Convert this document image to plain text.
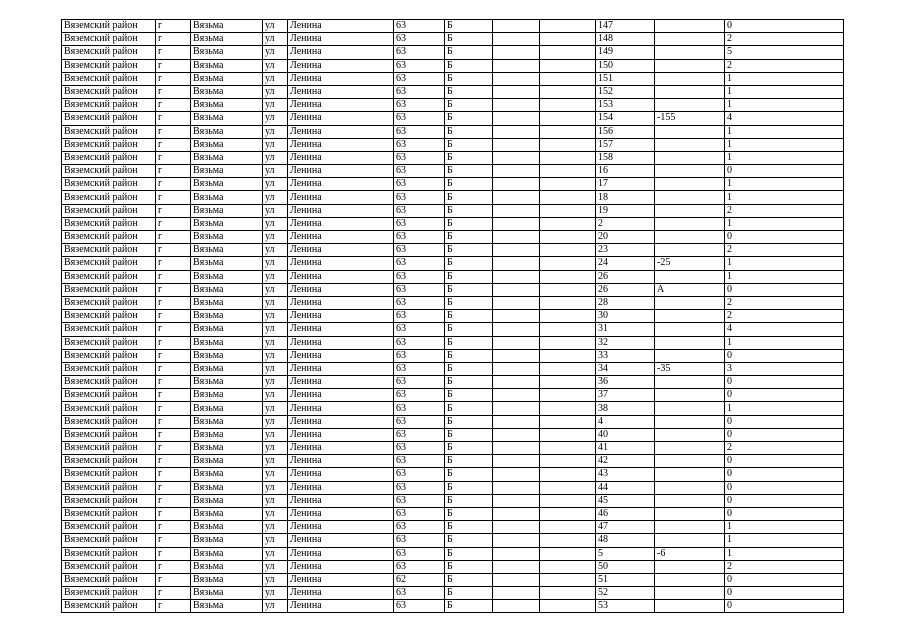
Вяземский район	г	Вязьма	ул	Ленина	63	Б			147		0
Вяземский район	г	Вязьма	ул	Ленина	63	Б			148		2
Вяземский район	г	Вязьма	ул	Ленина	63	Б			149		5
Вяземский район	г	Вязьма	ул	Ленина	63	Б			150		2
Вяземский район	г	Вязьма	ул	Ленина	63	Б			151		1
Вяземский район	г	Вязьма	ул	Ленина	63	Б			152		1
Вяземский район	г	Вязьма	ул	Ленина	63	Б			153		1
Вяземский район	г	Вязьма	ул	Ленина	63	Б			154	-155	4
Вяземский район	г	Вязьма	ул	Ленина	63	Б			156		1
Вяземский район	г	Вязьма	ул	Ленина	63	Б			157		1
Вяземский район	г	Вязьма	ул	Ленина	63	Б			158		1
Вяземский район	г	Вязьма	ул	Ленина	63	Б			16		0
Вяземский район	г	Вязьма	ул	Ленина	63	Б			17		1
Вяземский район	г	Вязьма	ул	Ленина	63	Б			18		1
Вяземский район	г	Вязьма	ул	Ленина	63	Б			19		2
Вяземский район	г	Вязьма	ул	Ленина	63	Б			2		1
Вяземский район	г	Вязьма	ул	Ленина	63	Б			20		0
Вяземский район	г	Вязьма	ул	Ленина	63	Б			23		2
Вяземский район	г	Вязьма	ул	Ленина	63	Б			24	-25	1
Вяземский район	г	Вязьма	ул	Ленина	63	Б			26		1
Вяземский район	г	Вязьма	ул	Ленина	63	Б			26	А	0
Вяземский район	г	Вязьма	ул	Ленина	63	Б			28		2
Вяземский район	г	Вязьма	ул	Ленина	63	Б			30		2
Вяземский район	г	Вязьма	ул	Ленина	63	Б			31		4
Вяземский район	г	Вязьма	ул	Ленина	63	Б			32		1
Вяземский район	г	Вязьма	ул	Ленина	63	Б			33		0
Вяземский район	г	Вязьма	ул	Ленина	63	Б			34	-35	3
Вяземский район	г	Вязьма	ул	Ленина	63	Б			36		0
Вяземский район	г	Вязьма	ул	Ленина	63	Б			37		0
Вяземский район	г	Вязьма	ул	Ленина	63	Б			38		1
Вяземский район	г	Вязьма	ул	Ленина	63	Б			4		0
Вяземский район	г	Вязьма	ул	Ленина	63	Б			40		0
Вяземский район	г	Вязьма	ул	Ленина	63	Б			41		2
Вяземский район	г	Вязьма	ул	Ленина	63	Б			42		0
Вяземский район	г	Вязьма	ул	Ленина	63	Б			43		0
Вяземский район	г	Вязьма	ул	Ленина	63	Б			44		0
Вяземский район	г	Вязьма	ул	Ленина	63	Б			45		0
Вяземский район	г	Вязьма	ул	Ленина	63	Б			46		0
Вяземский район	г	Вязьма	ул	Ленина	63	Б			47		1
Вяземский район	г	Вязьма	ул	Ленина	63	Б			48		1
Вяземский район	г	Вязьма	ул	Ленина	63	Б			5	-6	1
Вяземский район	г	Вязьма	ул	Ленина	63	Б			50		2
Вяземский район	г	Вязьма	ул	Ленина	62	Б			51		0
Вяземский район	г	Вязьма	ул	Ленина	63	Б			52		0
Вяземский район	г	Вязьма	ул	Ленина	63	Б			53		0
